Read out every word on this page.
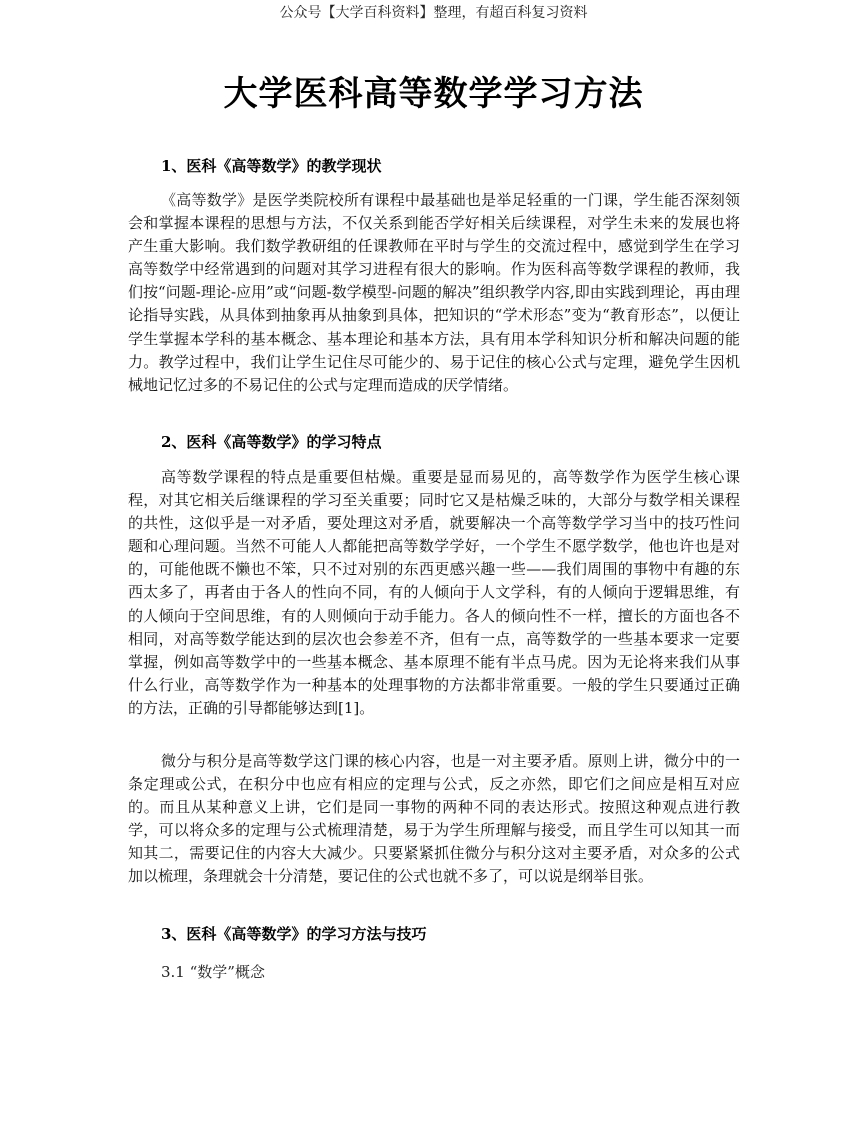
公众号【大学百科资料】整理，有超百科复习资料
大学医科高等数学学习方法
1、医科《高等数学》的教学现状

《高等数学》是医学类院校所有课程中最基础也是举足轻重的一门课，学生能否深刻领会和掌握本课程的思想与方法，不仅关系到能否学好相关后续课程，对学生未来的发展也将产生重大影响。我们数学教研组的任课教师在平时与学生的交流过程中，感觉到学生在学习高等数学中经常遇到的问题对其学习进程有很大的影响。作为医科高等数学课程的教师，我们按“问题-理论-应用”或“问题-数学模型-问题的解决”组织教学内容,即由实践到理论，再由理论指导实践，从具体到抽象再从抽象到具体，把知识的“学术形态”变为“教育形态”，以便让学生掌握本学科的基本概念、基本理论和基本方法，具有用本学科知识分析和解决问题的能力。教学过程中，我们让学生记住尽可能少的、易于记住的核心公式与定理，避免学生因机械地记忆过多的不易记住的公式与定理而造成的厌学情绪。

2、医科《高等数学》的学习特点

高等数学课程的特点是重要但枯燥。重要是显而易见的，高等数学作为医学生核心课程，对其它相关后继课程的学习至关重要；同时它又是枯燥乏味的，大部分与数学相关课程的共性，这似乎是一对矛盾，要处理这对矛盾，就要解决一个高等数学学习当中的技巧性问题和心理问题。当然不可能人人都能把高等数学学好，一个学生不愿学数学，他也许也是对的，可能他既不懒也不笨，只不过对别的东西更感兴趣一些——我们周围的事物中有趣的东西太多了，再者由于各人的性向不同，有的人倾向于人文学科，有的人倾向于逻辑思维，有的人倾向于空间思维，有的人则倾向于动手能力。各人的倾向性不一样，擅长的方面也各不相同，对高等数学能达到的层次也会参差不齐，但有一点，高等数学的一些基本要求一定要掌握，例如高等数学中的一些基本概念、基本原理不能有半点马虎。因为无论将来我们从事什么行业，高等数学作为一种基本的处理事物的方法都非常重要。一般的学生只要通过正确的方法，正确的引导都能够达到[1]。

微分与积分是高等数学这门课的核心内容，也是一对主要矛盾。原则上讲，微分中的一条定理或公式，在积分中也应有相应的定理与公式，反之亦然，即它们之间应是相互对应的。而且从某种意义上讲，它们是同一事物的两种不同的表达形式。按照这种观点进行教学，可以将众多的定理与公式梳理清楚，易于为学生所理解与接受，而且学生可以知其一而知其二，需要记住的内容大大减少。只要紧紧抓住微分与积分这对主要矛盾，对众多的公式加以梳理，条理就会十分清楚，要记住的公式也就不多了，可以说是纲举目张。

3、医科《高等数学》的学习方法与技巧
3.1 “数学”概念
